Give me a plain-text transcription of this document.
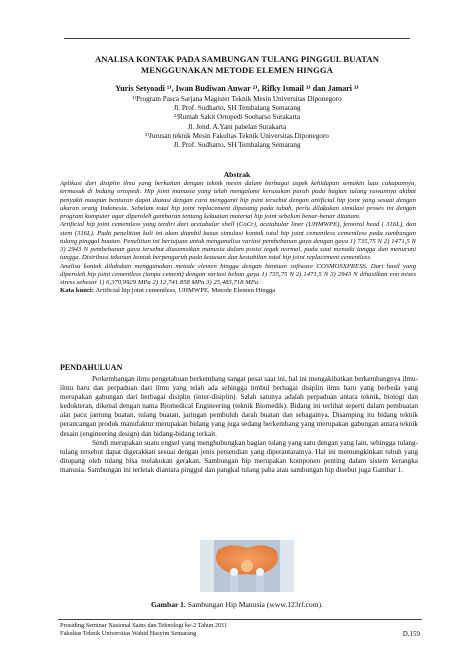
ANALISA KONTAK PADA SAMBUNGAN TULANG PINGGUL BUATAN
MENGGUNAKAN METODE ELEMEN HINGGA
Yuris Setyoadi ¹⁾, Iwan Budiwan Anwar ²⁾, Rifky Ismail ³⁾ dan Jamari ³⁾
¹⁾Program Pasca Sarjana Magister Teknik Mesin Universitas Diponegoro
Jl. Prof. Sudharto, SH Tembalang Semarang
²⁾Rumah Sakit Ortopedi Soeharso Surakarta
Jl. Jend. A.Yani pabelan Surakarta
³⁾Jurusan teknik Mesin Fakultas Teknik Universitas Diponegoro
Jl. Prof. Sudharto, SH Tembalang Semarang
Abstrak

Aplikasi dari disiplin ilmu yang berkaitan dengan teknik mesin dalam berbagai aspek kehidupan semakin luas cakupannya, termasuk di bidang ortopedi. Hip joint manusia yang telah mengalami kerusakan parah pada bagian tulang rawannya akibat penyakit maupun benturan dapat diatasi dengan cara mengganti hip joint tersebut dengan artificial hip joint yang sesuai dengan ukuran orang Indonesia. Sebelum total hip joint replacement dipasang pada tubuh, perlu dilakukan simulasi proses ini dengan program komputer agar diperoleh gambaran tentang kekuatan material hip joint sebelum benar-benar ditanam.

Artificial hip joint cementless yang terdiri dari acetabular shell (CoCr), acetabular liner (UHMWPE), femoral head ( 316L), dan stem (316L). Pada penelitian kali ini akan diambil kasus simulasi kontak total hip joint cementless cementless pada sambungan tulang pinggul buatan. Penelitian ini bertujuan untuk menganalisa variasi pembebanan gaya dengan gaya 1) 735,75 N 2) 1471,5 N 3) 2943 N pembebanan gaya tersebut diasumsikan manusia dalam posisi tegak normal, pada saat menaiki tangga dan menuruni tangga. Distribusi tekanan kontak berpengaruh pada keausan dan kestabilan total hip joint replacement cementless.

Analisa kontak dilakukan menggunakan metode elemen hingga dengan bantuan software COSMOSXPRESS. Dari hasil yang diperoleh hip joint cementless (tanpa cement) dengan variasi beban gaya 1) 735,75 N 2) 1471,5 N 3) 2943 N dihasilkan von mises stress sebesar 1) 6,370,9929 MPa 2) 12,741.858 MPa 3) 25,483,718 MPa.

Kata kunci: Artificial hip joint cementless, UHMWPE, Metode Elemen Hingga

PENDAHULUAN

Perkembangan ilmu pengetahuan berkembang sangat pesat saat ini, hal ini mengakibatkan berkembangnya ilmu-ilmu baru dan perpaduan dari ilmu yang telah ada sehingga timbul berbagai disiplin ilmu baru yang berbeda yang merupakan gabungan dari berbagai disiplin (inter-disiplin). Salah satunya adalah perpaduan antara teknik, biologi dan kedokteran, dikenal dengan nama Biomedical Engineering (teknik Biomedik). Bidang ini terlihat seperti dalam pembuatan alat pacu jantung buatan, tulang buatan, jaringan pembuluh darah buatan dan sebagainya. Disamping itu bidang teknik perancangan produk manufaktur merupakan bidang yang juga sedang berkembang yang merupakan gabungan antara teknik desain (engineering design) dan bidang-bidang terkait.

Sendi merupakan suatu engsel yang menghubungkan bagian tulang yang satu dengan yang lain, sehingga tulang-tulang tersebut dapat digerakkan sesuai dengan jenis persendian yang diperantarainya. Hal ini memungkinkan tubuh yang ditopang oleh tulang bisa melakukan gerakan. Sambungan hip merupakan komponen penting dalam sistem kerangka manusia. Sambungan ini terletak diantara pinggul dan pangkal tulang paha atau sambungan hip disebut juga Gambar 1.

Gambar 1. Sambungan Hip Manusia (www.123rf.com).
Prosiding Seminar Nasional Sains dan Teknologi ke-2 Tahun 2011
Fakultas Teknik Universitas Wahid Hasyim Semarang	D.159
